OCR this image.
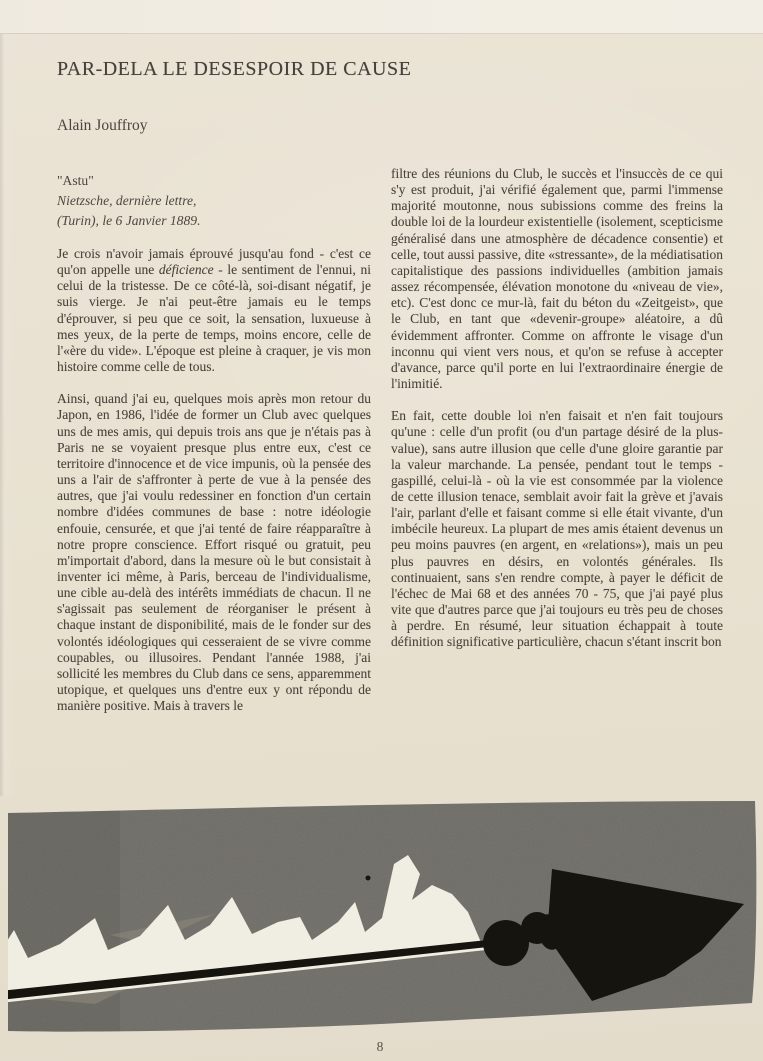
PAR-DELA LE DESESPOIR DE CAUSE
Alain Jouffroy
"Astu"
Nietzsche, dernière lettre,
(Turin), le 6 Janvier 1889.

Je crois n'avoir jamais éprouvé jusqu'au fond - c'est ce qu'on appelle une déficience - le sentiment de l'ennui, ni celui de la tristesse. De ce côté-là, soi-disant négatif, je suis vierge. Je n'ai peut-être jamais eu le temps d'éprouver, si peu que ce soit, la sensation, luxueuse à mes yeux, de la perte de temps, moins encore, celle de l'«ère du vide». L'époque est pleine à craquer, je vis mon histoire comme celle de tous.

Ainsi, quand j'ai eu, quelques mois après mon retour du Japon, en 1986, l'idée de former un Club avec quelques uns de mes amis, qui depuis trois ans que je n'étais pas à Paris ne se voyaient presque plus entre eux, c'est ce territoire d'innocence et de vice impunis, où la pensée des uns a l'air de s'affronter à perte de vue à la pensée des autres, que j'ai voulu redessiner en fonction d'un certain nombre d'idées communes de base : notre idéologie enfouie, censurée, et que j'ai tenté de faire réapparaître à notre propre conscience. Effort risqué ou gratuit, peu m'importait d'abord, dans la mesure où le but consistait à inventer ici même, à Paris, berceau de l'individualisme, une cible au-delà des intérêts immédiats de chacun. Il ne s'agissait pas seulement de réorganiser le présent à chaque instant de disponibilité, mais de le fonder sur des volontés idéologiques qui cesseraient de se vivre comme coupables, ou illusoires. Pendant l'année 1988, j'ai sollicité les membres du Club dans ce sens, apparemment utopique, et quelques uns d'entre eux y ont répondu de manière positive. Mais à travers le

filtre des réunions du Club, le succès et l'insuccès de ce qui s'y est produit, j'ai vérifié également que, parmi l'immense majorité moutonne, nous subissions comme des freins la double loi de la lourdeur existentielle (isolement, scepticisme généralisé dans une atmosphère de décadence consentie) et celle, tout aussi passive, dite «stressante», de la médiatisation capitalistique des passions individuelles (ambition jamais assez récompensée, élévation monotone du «niveau de vie», etc). C'est donc ce mur-là, fait du béton du «Zeitgeist», que le Club, en tant que «devenir-groupe» aléatoire, a dû évidemment affronter. Comme on affronte le visage d'un inconnu qui vient vers nous, et qu'on se refuse à accepter d'avance, parce qu'il porte en lui l'extraordinaire énergie de l'inimitié.

En fait, cette double loi n'en faisait et n'en fait toujours qu'une : celle d'un profit (ou d'un partage désiré de la plus-value), sans autre illusion que celle d'une gloire garantie par la valeur marchande. La pensée, pendant tout le temps - gaspillé, celui-là - où la vie est consommée par la violence de cette illusion tenace, semblait avoir fait la grève et j'avais l'air, parlant d'elle et faisant comme si elle était vivante, d'un imbécile heureux. La plupart de mes amis étaient devenus un peu moins pauvres (en argent, en «relations»), mais un peu plus pauvres en désirs, en volontés générales. Ils continuaient, sans s'en rendre compte, à payer le déficit de l'échec de Mai 68 et des années 70 - 75, que j'ai payé plus vite que d'autres parce que j'ai toujours eu très peu de choses à perdre. En résumé, leur situation échappait à toute définition significative particulière, chacun s'étant inscrit bon

8
